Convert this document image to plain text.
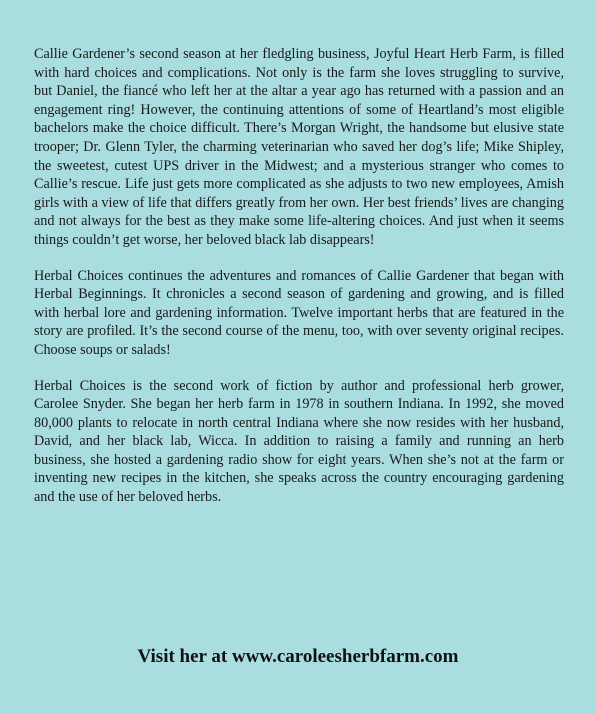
Callie Gardener’s second season at her fledgling business, Joyful Heart Herb Farm, is filled with hard choices and complications. Not only is the farm she loves struggling to survive, but Daniel, the fiancé who left her at the altar a year ago has returned with a passion and an engagement ring! However, the continuing attentions of some of Heartland’s most eligible bachelors make the choice difficult. There’s Morgan Wright, the handsome but elusive state trooper; Dr. Glenn Tyler, the charming veterinarian who saved her dog’s life; Mike Shipley, the sweetest, cutest UPS driver in the Midwest; and a mysterious stranger who comes to Callie’s rescue. Life just gets more complicated as she adjusts to two new employees, Amish girls with a view of life that differs greatly from her own. Her best friends’ lives are changing and not always for the best as they make some life-altering choices. And just when it seems things couldn’t get worse, her beloved black lab disappears!

Herbal Choices continues the adventures and romances of Callie Gardener that began with Herbal Beginnings. It chronicles a second season of gardening and growing, and is filled with herbal lore and gardening information. Twelve important herbs that are featured in the story are profiled. It’s the second course of the menu, too, with over seventy original recipes. Choose soups or salads!

Herbal Choices is the second work of fiction by author and professional herb grower, Carolee Snyder. She began her herb farm in 1978 in southern Indiana. In 1992, she moved 80,000 plants to relocate in north central Indiana where she now resides with her husband, David, and her black lab, Wicca. In addition to raising a family and running an herb business, she hosted a gardening radio show for eight years. When she’s not at the farm or inventing new recipes in the kitchen, she speaks across the country encouraging gardening and the use of her beloved herbs.

Visit her at www.caroleesherbfarm.com
